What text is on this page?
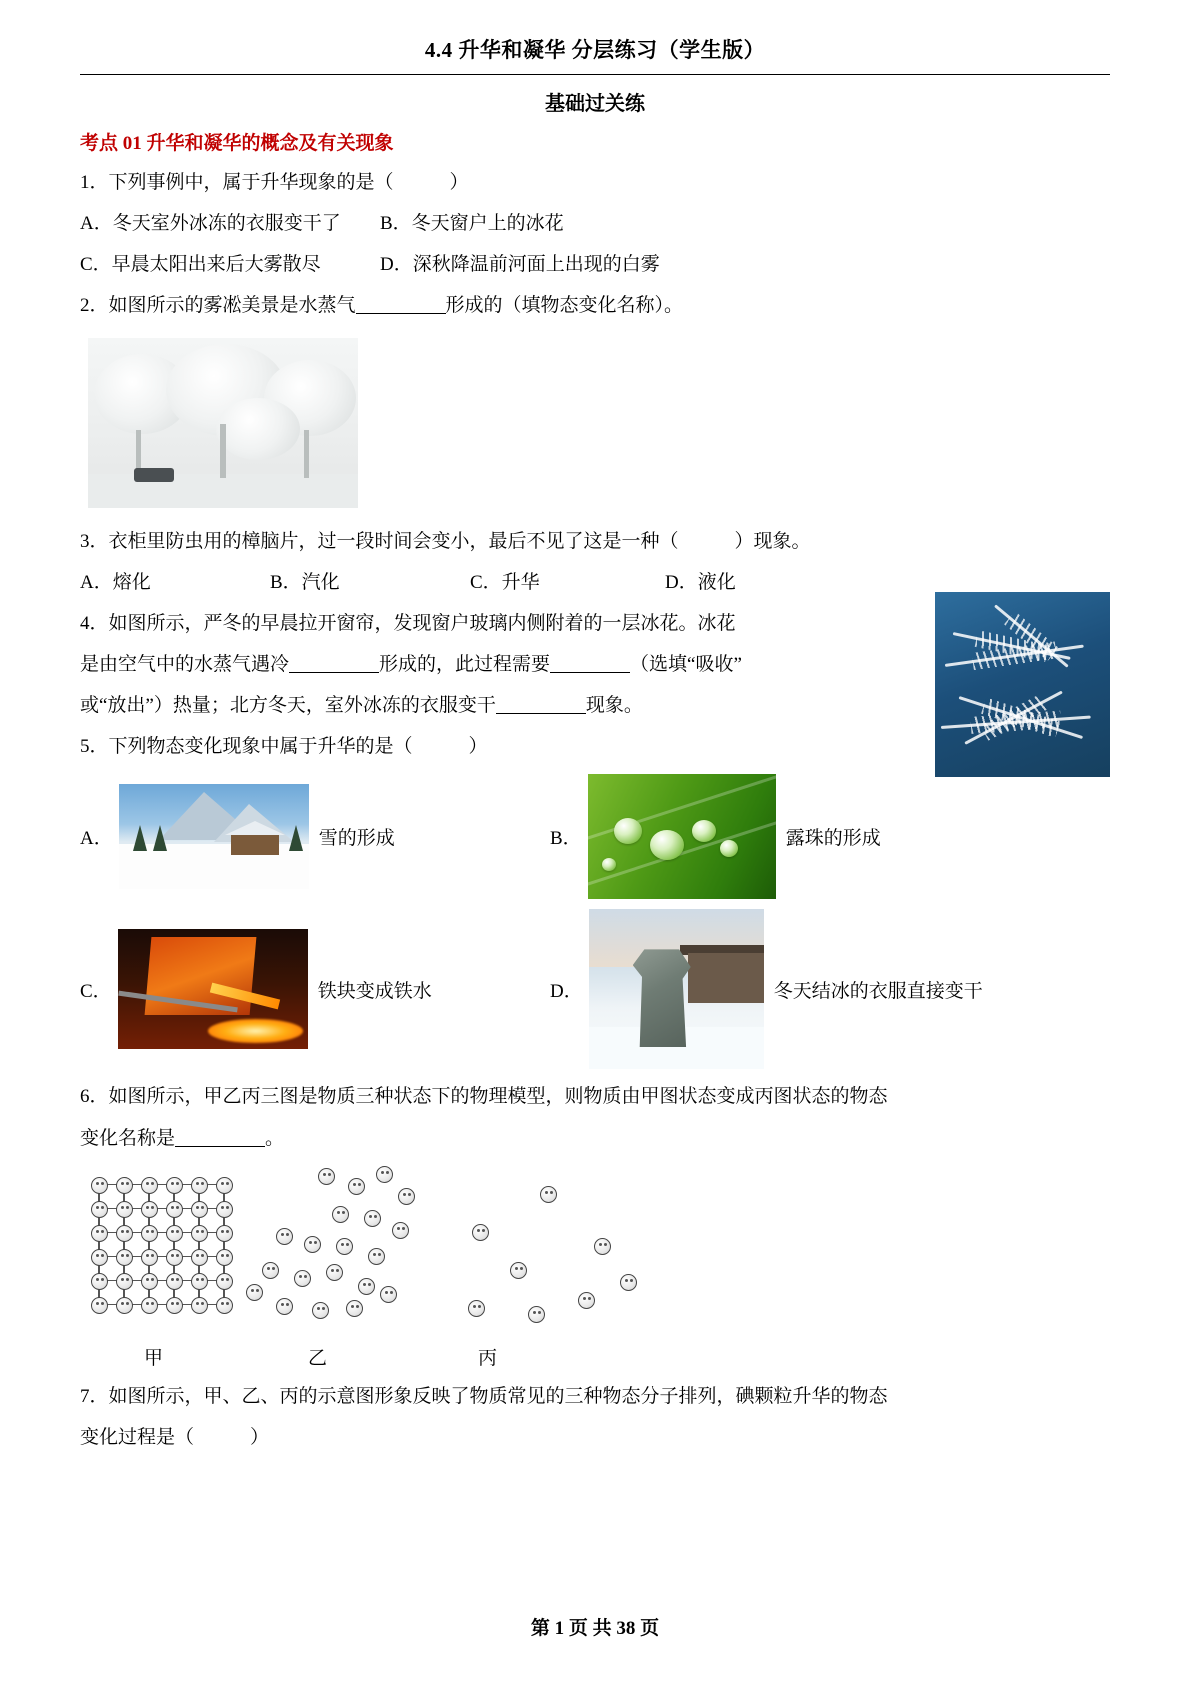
4.4 升华和凝华 分层练习（学生版）
基础过关练
考点 01 升华和凝华的概念及有关现象
1．下列事例中，属于升华现象的是（	）
A．冬天室外冰冻的衣服变干了	B．冬天窗户上的冰花
C．早晨太阳出来后大雾散尽	D．深秋降温前河面上出现的白雾
2．如图所示的雾凇美景是水蒸气	形成的（填物态变化名称）。
3．衣柜里防虫用的樟脑片，过一段时间会变小，最后不见了这是一种（	）现象。
A．熔化	B．汽化	C．升华	D．液化
4．如图所示，严冬的早晨拉开窗帘，发现窗户玻璃内侧附着的一层冰花。冰花
是由空气中的水蒸气遇冷	形成的，此过程需要	（选填“吸收”
或“放出”）热量；北方冬天，室外冰冻的衣服变干	现象。
5．下列物态变化现象中属于升华的是（	）
A．	雪的形成	B．	露珠的形成
C．	铁块变成铁水	D．	冬天结冰的衣服直接变干
6．如图所示，甲乙丙三图是物质三种状态下的物理模型，则物质由甲图状态变成丙图状态的物态
变化名称是	。
甲	乙	丙
7．如图所示，甲、乙、丙的示意图形象反映了物质常见的三种物态分子排列，碘颗粒升华的物态
变化过程是（	）
第 1 页 共 38 页
